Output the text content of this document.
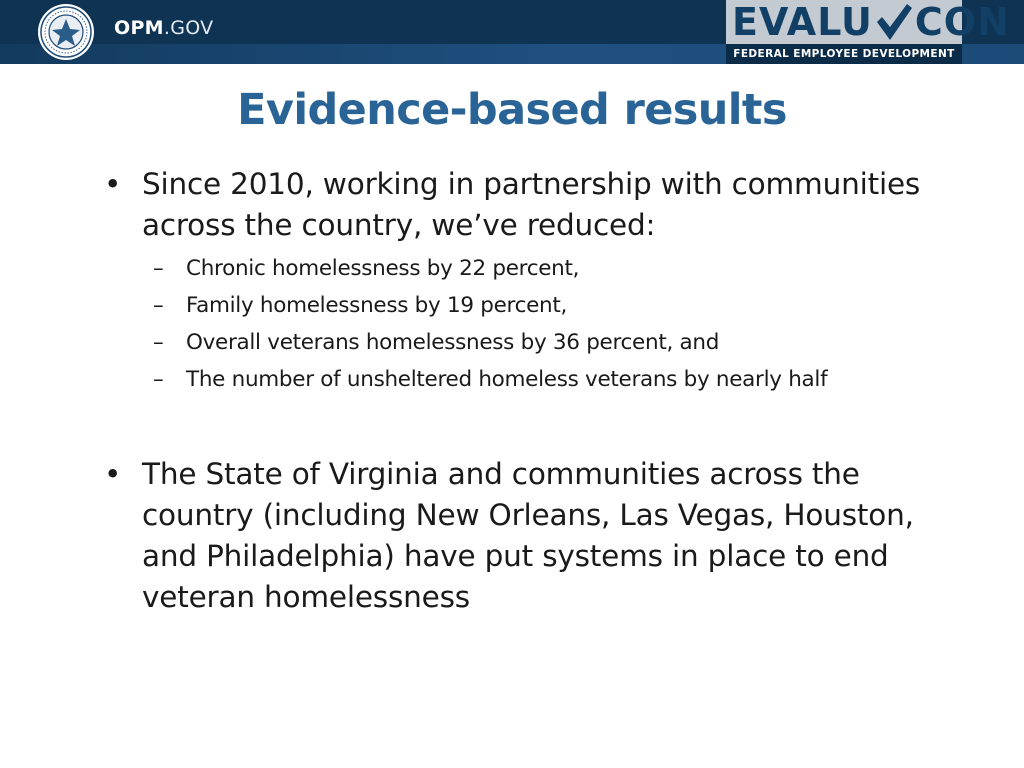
OPM.GOV	EVALU CON
FEDERAL EMPLOYEE DEVELOPMENT
Evidence-based results
• Since 2010, working in partnership with communities across the country, we’ve reduced:
– Chronic homelessness by 22 percent,
– Family homelessness by 19 percent,
– Overall veterans homelessness by 36 percent, and
– The number of unsheltered homeless veterans by nearly half
• The State of Virginia and communities across the country (including New Orleans, Las Vegas, Houston, and Philadelphia) have put systems in place to end veteran homelessness
